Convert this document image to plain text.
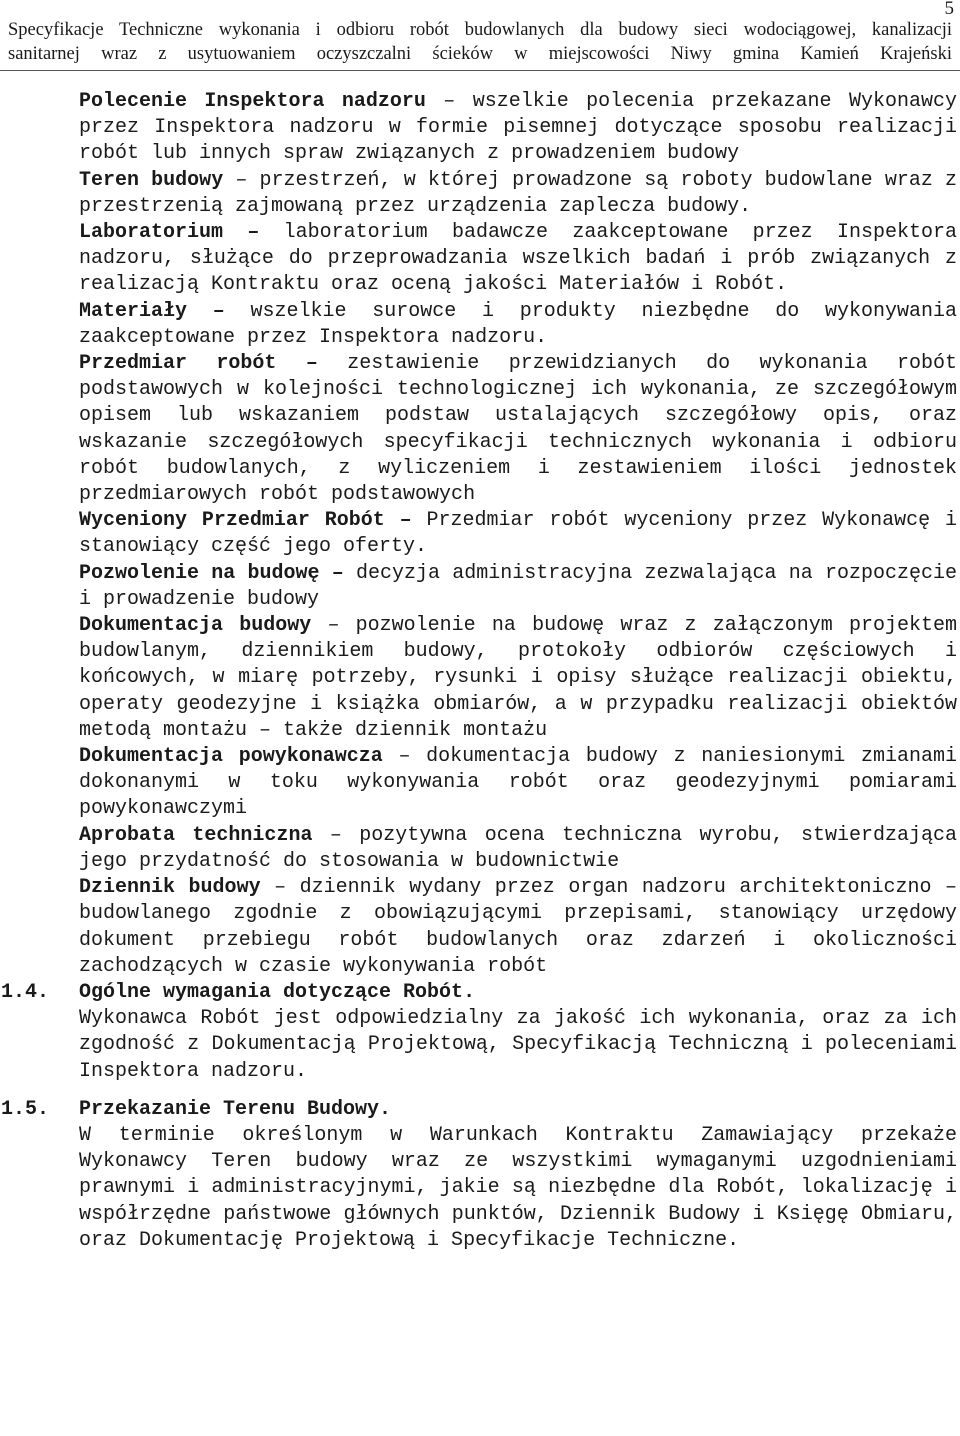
5
Specyfikacje Techniczne wykonania i odbioru robót budowlanych dla budowy sieci wodociągowej, kanalizacji
sanitarnej wraz z usytuowaniem oczyszczalni ścieków w miejscowości Niwy gmina Kamień Krajeński
Polecenie Inspektora nadzoru – wszelkie polecenia przekazane Wykonawcy przez Inspektora nadzoru w formie pisemnej dotyczące sposobu realizacji robót lub innych spraw związanych z prowadzeniem budowy
Teren budowy – przestrzeń, w której prowadzone są roboty budowlane wraz z przestrzenią zajmowaną przez urządzenia zaplecza budowy.
Laboratorium – laboratorium badawcze zaakceptowane przez Inspektora nadzoru, służące do przeprowadzania wszelkich badań i prób związanych z realizacją Kontraktu oraz oceną jakości Materiałów i Robót.
Materiały – wszelkie surowce i produkty niezbędne do wykonywania zaakceptowane przez Inspektora nadzoru.
Przedmiar robót – zestawienie przewidzianych do wykonania robót podstawowych w kolejności technologicznej ich wykonania, ze szczegółowym opisem lub wskazaniem podstaw ustalających szczegółowy opis, oraz wskazanie szczegółowych specyfikacji technicznych wykonania i odbioru robót budowlanych, z wyliczeniem i zestawieniem ilości jednostek przedmiarowych robót podstawowych
Wyceniony Przedmiar Robót – Przedmiar robót wyceniony przez Wykonawcę i stanowiący część jego oferty.
Pozwolenie na budowę – decyzja administracyjna zezwalająca na rozpoczęcie i prowadzenie budowy
Dokumentacja budowy – pozwolenie na budowę wraz z załączonym projektem budowlanym, dziennikiem budowy, protokoły odbiorów częściowych i końcowych, w miarę potrzeby, rysunki i opisy służące realizacji obiektu, operaty geodezyjne i książka obmiarów, a w przypadku realizacji obiektów metodą montażu – także dziennik montażu
Dokumentacja powykonawcza – dokumentacja budowy z naniesionymi zmianami dokonanymi w toku wykonywania robót oraz geodezyjnymi pomiarami powykonawczymi
Aprobata techniczna – pozytywna ocena techniczna wyrobu, stwierdzająca jego przydatność do stosowania w budownictwie
Dziennik budowy – dziennik wydany przez organ nadzoru architektoniczno – budowlanego zgodnie z obowiązującymi przepisami, stanowiący urzędowy dokument przebiegu robót budowlanych oraz zdarzeń i okoliczności zachodzących w czasie wykonywania robót
1.4. Ogólne wymagania dotyczące Robót.
Wykonawca Robót jest odpowiedzialny za jakość ich wykonania, oraz za ich zgodność z Dokumentacją Projektową, Specyfikacją Techniczną i poleceniami Inspektora nadzoru.
1.5. Przekazanie Terenu Budowy.
W terminie określonym w Warunkach Kontraktu Zamawiający przekaże Wykonawcy Teren budowy wraz ze wszystkimi wymaganymi uzgodnieniami prawnymi i administracyjnymi, jakie są niezbędne dla Robót, lokalizację i współrzędne państwowe głównych punktów, Dziennik Budowy i Księgę Obmiaru, oraz Dokumentację Projektową i Specyfikacje Techniczne.
